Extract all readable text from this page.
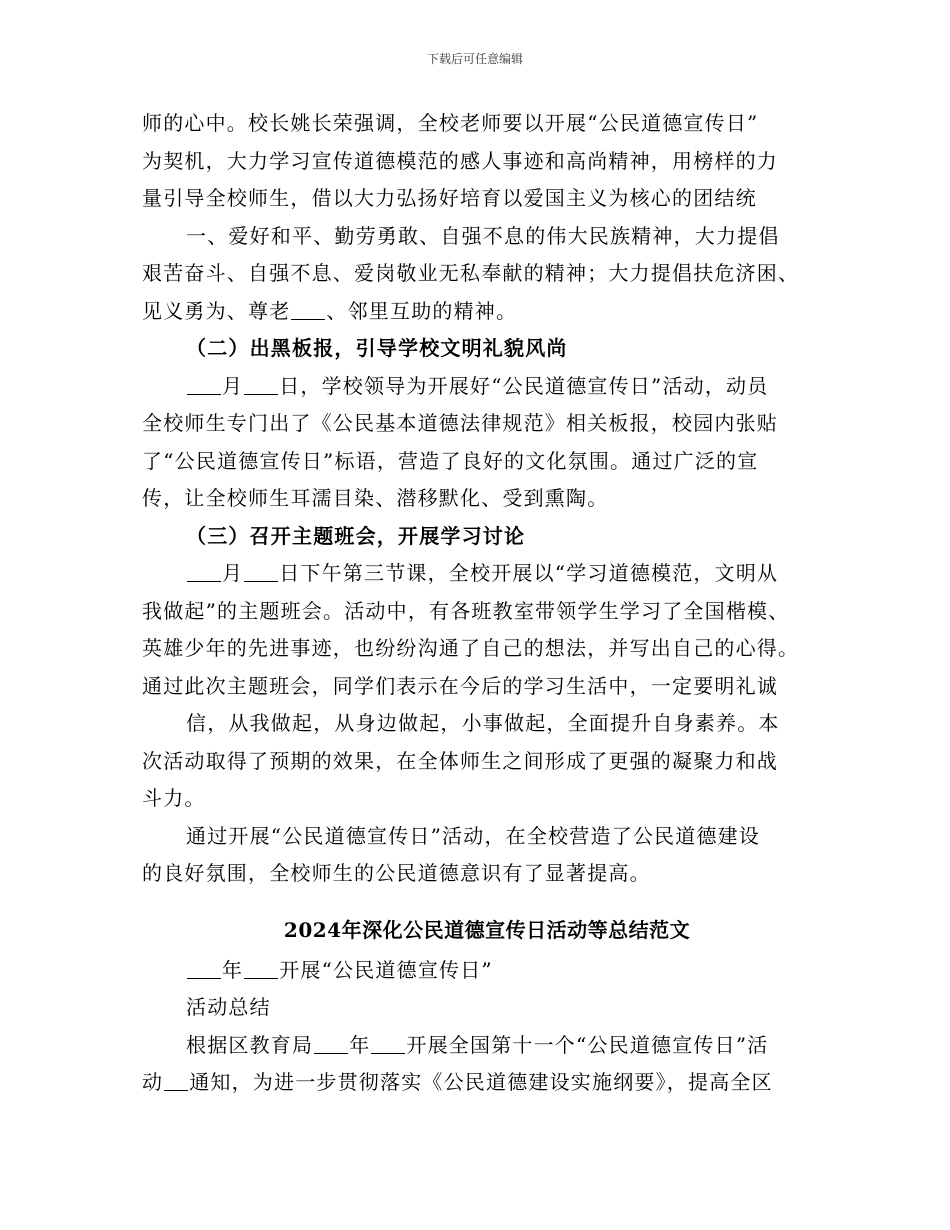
下载后可任意编辑
师的心中。校长姚长荣强调，全校老师要以开展“公民道德宣传日”
为契机，大力学习宣传道德模范的感人事迹和高尚精神，用榜样的力
量引导全校师生，借以大力弘扬好培育以爱国主义为核心的团结统
一、爱好和平、勤劳勇敢、自强不息的伟大民族精神，大力提倡
艰苦奋斗、自强不息、爱岗敬业无私奉献的精神；大力提倡扶危济困、
见义勇为、尊老 、邻里互助的精神。
（二）出黑板报，引导学校文明礼貌风尚
月 日，学校领导为开展好“公民道德宣传日”活动，动员
全校师生专门出了《公民基本道德法律规范》相关板报，校园内张贴
了“公民道德宣传日”标语，营造了良好的文化氛围。通过广泛的宣
传，让全校师生耳濡目染、潜移默化、受到熏陶。
（三）召开主题班会，开展学习讨论
月 日下午第三节课，全校开展以“学习道德模范，文明从
我做起”的主题班会。活动中，有各班教室带领学生学习了全国楷模、
英雄少年的先进事迹，也纷纷沟通了自己的想法，并写出自己的心得。
通过此次主题班会，同学们表示在今后的学习生活中，一定要明礼诚
信，从我做起，从身边做起，小事做起，全面提升自身素养。本
次活动取得了预期的效果，在全体师生之间形成了更强的凝聚力和战
斗力。
通过开展“公民道德宣传日”活动，在全校营造了公民道德建设
的良好氛围，全校师生的公民道德意识有了显著提高。
2024年深化公民道德宣传日活动等总结范文
年 开展“公民道德宣传日”
活动总结
根据区教育局 年 开展全国第十一个“公民道德宣传日”活
动 通知，为进一步贯彻落实《公民道德建设实施纲要》，提高全区
